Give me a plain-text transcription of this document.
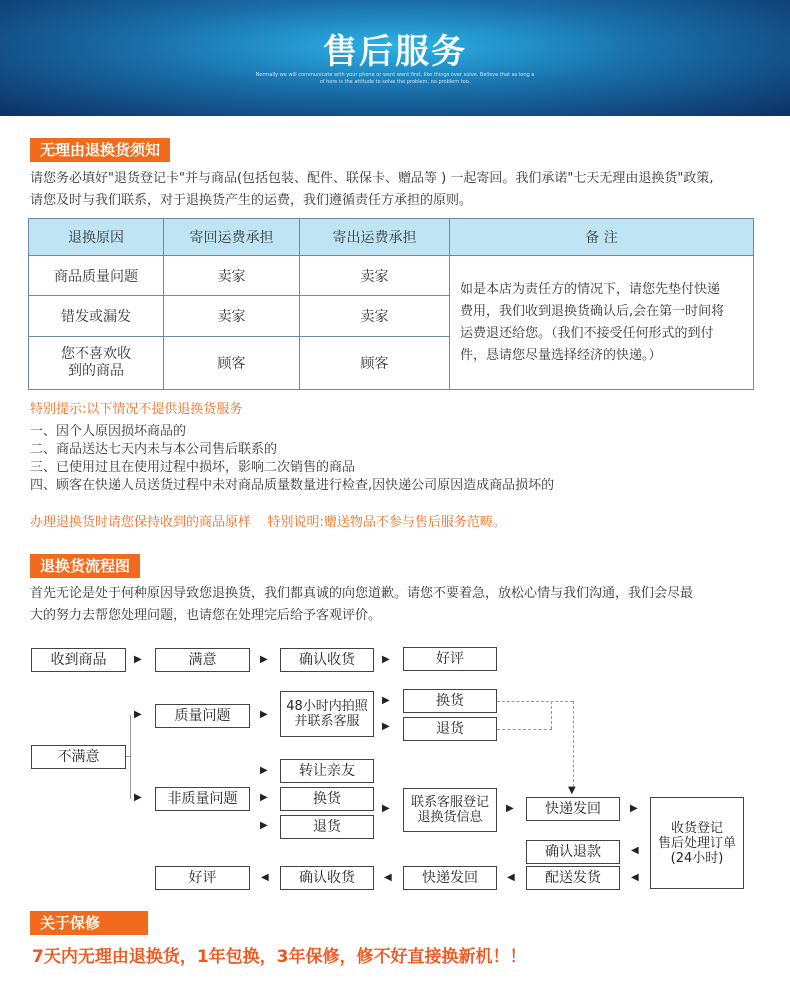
售后服务
Normally we will communicate with your phone or went went first, like things over solve. Believe that as long a
of here is the attitude to solve the problem, no problem too.
无理由退换货须知
请您务必填好"退货登记卡"并与商品(包括包装、配件、联保卡、赠品等 ) 一起寄回。我们承诺"七天无理由退换货"政策,
请您及时与我们联系，对于退换货产生的运费，我们遵循责任方承担的原则。
退换原因	寄回运费承担	寄出运费承担	备 注
商品质量问题	卖家	卖家	如是本店为责任方的情况下，请您先垫付快递
费用，我们收到退换货确认后,会在第一时间将
运费退还给您。（我们不接受任何形式的到付
件，恳请您尽量选择经济的快递。）

错发或漏发	卖家	卖家	

您不喜欢收
到的商品	顾客	顾客	
特别提示:以下情况不提供退换货服务
一、因个人原因损坏商品的
二、商品送达七天内未与本公司售后联系的
三、已使用过且在使用过程中损坏，影响二次销售的商品
四、顾客在快递人员送货过程中未对商品质量数量进行检查,因快递公司原因造成商品损坏的
办理退换货时请您保持收到的商品原样    特别说明:赠送物品不参与售后服务范畴。
退换货流程图
首先无论是处于何种原因导致您退换货，我们都真诚的向您道歉。请您不要着急，放松心情与我们沟通，我们会尽最
大的努力去帮您处理问题，也请您在处理完后给予客观评价。
收到商品	▶	满意	▶	确认收货	▶	好评
不满意
▶
▶
质量问题	▶
48小时内拍照
并联系客服
▶
▶
换货
退货
▼
非质量问题
▶
▶
▶
转让亲友
换货
退货
▶ 联系客服登记
退换货信息
▶	快递发回	▶
收货登记
售后处理订单
(24小时)
◀
确认退款
◀
配送发货
◀
快递发回
◀
确认收货
◀
好评
关于保修
7天内无理由退换货，1年包换，3年保修，修不好直接换新机！！
